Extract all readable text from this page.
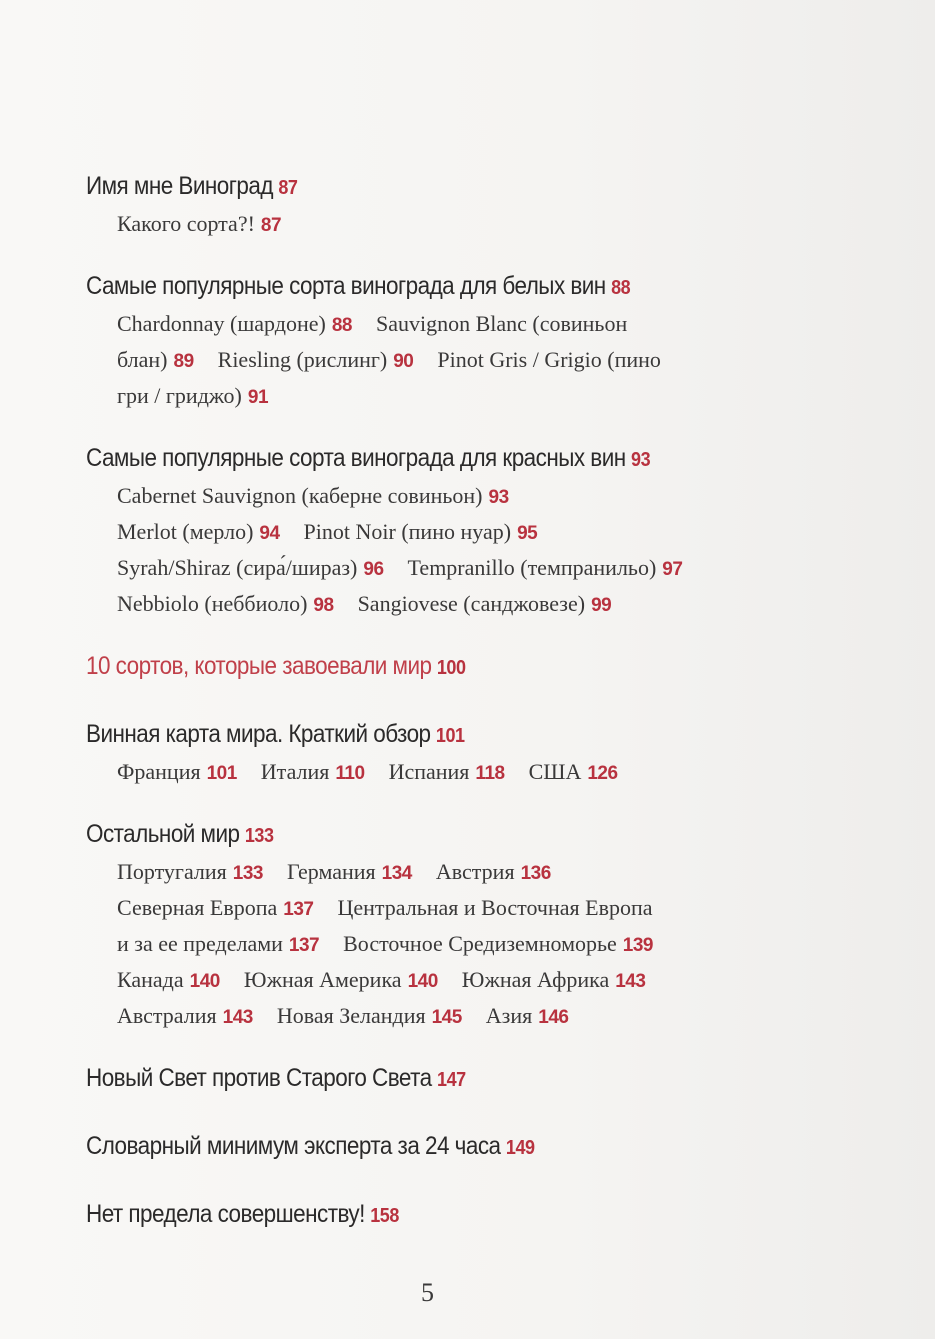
Имя мне Виноград 87
Какого сорта?! 87
Самые популярные сорта винограда для белых вин 88
Chardonnay (шардоне) 88 Sauvignon Blanc (совиньон
блан) 89 Riesling (рислинг) 90 Pinot Gris / Grigio (пино
гри / гриджо) 91
Самые популярные сорта винограда для красных вин 93
Cabernet Sauvignon (каберне совиньон) 93
Merlot (мерло) 94 Pinot Noir (пино нуар) 95
Syrah/Shiraz (сира́/шираз) 96 Tempranillo (темпранильо) 97
Nebbiolo (неббиоло) 98 Sangiovese (санджовезе) 99
10 сортов, которые завоевали мир 100
Винная карта мира. Краткий обзор 101
Франция 101 Италия 110 Испания 118 США 126
Остальной мир 133
Португалия 133 Германия 134 Австрия 136
Северная Европа 137 Центральная и Восточная Европа
и за ее пределами 137 Восточное Средиземноморье 139
Канада 140 Южная Америка 140 Южная Африка 143
Австралия 143 Новая Зеландия 145 Азия 146
Новый Свет против Старого Света 147
Словарный минимум эксперта за 24 часа 149
Нет предела совершенству! 158
5
